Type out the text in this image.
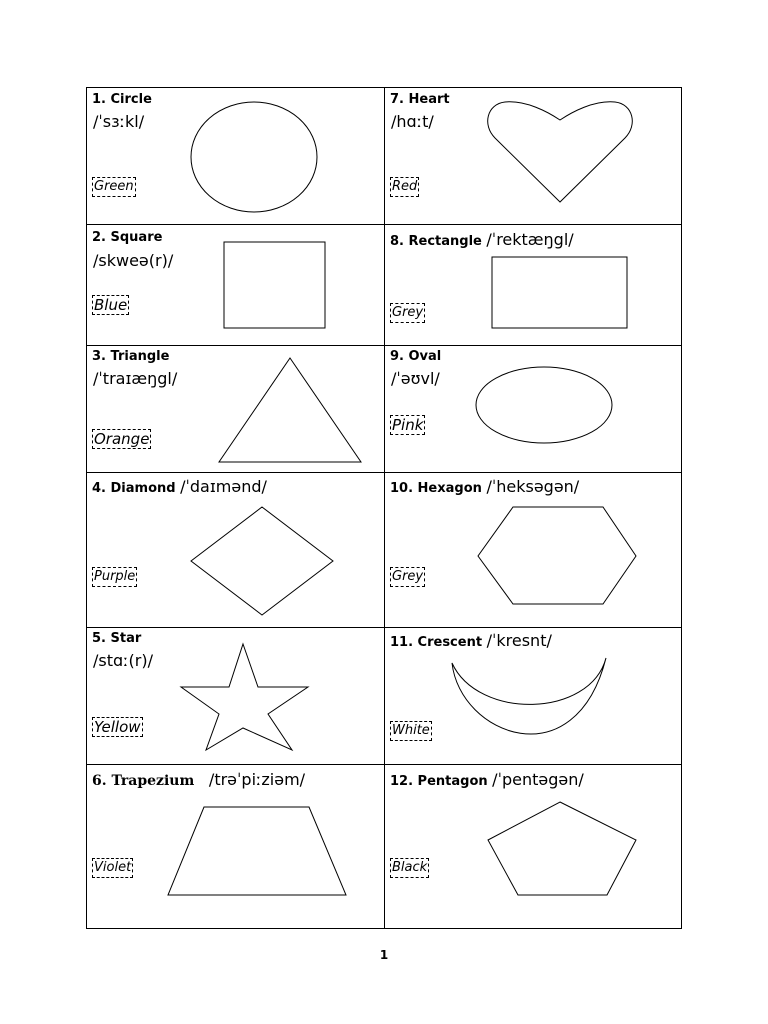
1. Circle
/ˈsɜːkl/
Green
2. Square
/skweə(r)/
Blue
3. Triangle
/ˈtraɪæŋgl/
Orange
4. Diamond /ˈdaɪmənd/
Purple
5. Star
/stɑː(r)/
Yellow
6. Trapezium /trəˈpiːziəm/
Violet
7. Heart
/hɑːt/
Red
8. Rectangle /ˈrektæŋgl/
Grey
9. Oval
/ˈəʊvl/
Pink
10. Hexagon /ˈheksəgən/
Grey
11. Crescent /ˈkresnt/
White
12. Pentagon /ˈpentəgən/
Black
1
